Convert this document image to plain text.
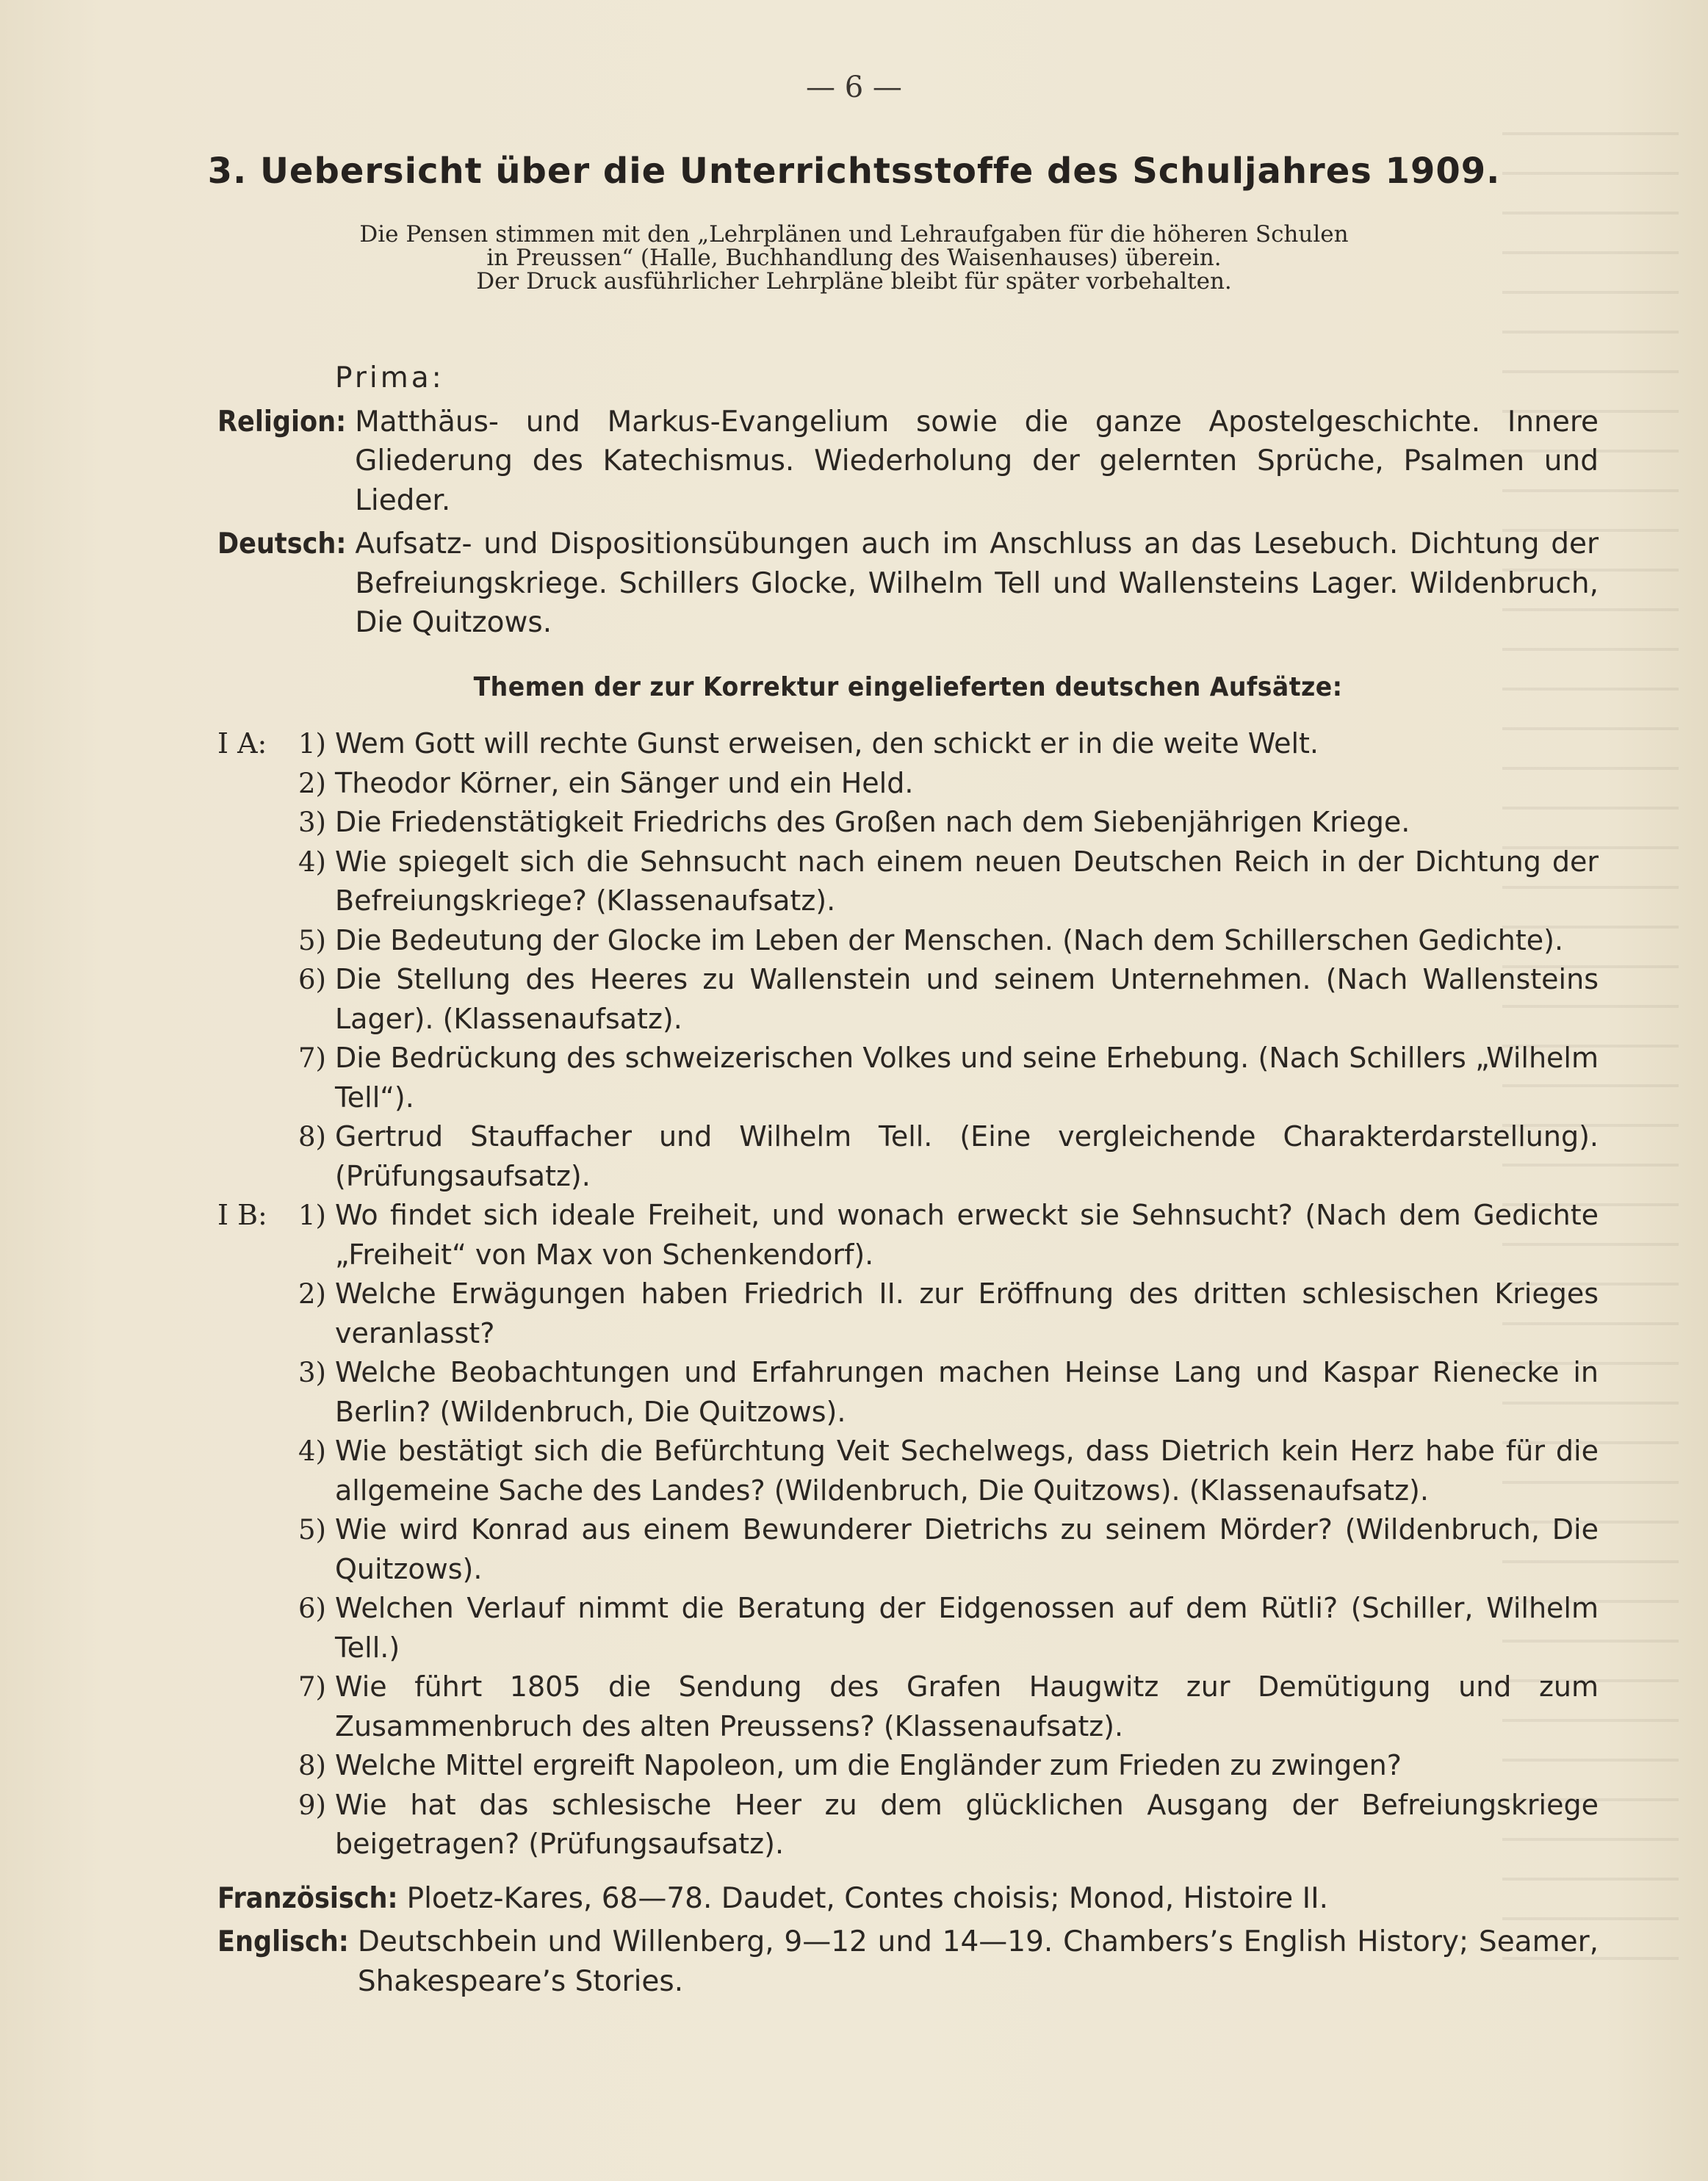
— 6 —
3. Uebersicht über die Unterrichtsstoffe des Schuljahres 1909.
Die Pensen stimmen mit den „Lehrplänen und Lehraufgaben für die höheren Schulen
in Preussen“ (Halle, Buchhandlung des Waisenhauses) überein.
Der Druck ausführlicher Lehrpläne bleibt für später vorbehalten.
Prima:
Religion: Matthäus- und Markus-Evangelium sowie die ganze Apostelgeschichte. Innere Gliederung des Katechismus. Wiederholung der gelernten Sprüche, Psalmen und Lieder.
Deutsch: Aufsatz- und Dispositionsübungen auch im Anschluss an das Lesebuch. Dichtung der Befreiungskriege. Schillers Glocke, Wilhelm Tell und Wallensteins Lager. Wildenbruch, Die Quitzows.
Themen der zur Korrektur eingelieferten deutschen Aufsätze:
I A:	1) Wem Gott will rechte Gunst erweisen, den schickt er in die weite Welt.
2) Theodor Körner, ein Sänger und ein Held.
3) Die Friedenstätigkeit Friedrichs des Großen nach dem Siebenjährigen Kriege.
4) Wie spiegelt sich die Sehnsucht nach einem neuen Deutschen Reich in der Dichtung der Befreiungskriege? (Klassenaufsatz).
5) Die Bedeutung der Glocke im Leben der Menschen. (Nach dem Schillerschen Gedichte).
6) Die Stellung des Heeres zu Wallenstein und seinem Unternehmen. (Nach Wallensteins Lager). (Klassenaufsatz).
7) Die Bedrückung des schweizerischen Volkes und seine Erhebung. (Nach Schillers „Wilhelm Tell“).
8) Gertrud Stauffacher und Wilhelm Tell. (Eine vergleichende Charakterdarstellung). (Prüfungsaufsatz).
I B:	1) Wo findet sich ideale Freiheit, und wonach erweckt sie Sehnsucht? (Nach dem Gedichte „Freiheit“ von Max von Schenkendorf).
2) Welche Erwägungen haben Friedrich II. zur Eröffnung des dritten schlesischen Krieges veranlasst?
3) Welche Beobachtungen und Erfahrungen machen Heinse Lang und Kaspar Rienecke in Berlin? (Wildenbruch, Die Quitzows).
4) Wie bestätigt sich die Befürchtung Veit Sechelwegs, dass Dietrich kein Herz habe für die allgemeine Sache des Landes? (Wildenbruch, Die Quitzows). (Klassenaufsatz).
5) Wie wird Konrad aus einem Bewunderer Dietrichs zu seinem Mörder? (Wildenbruch, Die Quitzows).
6) Welchen Verlauf nimmt die Beratung der Eidgenossen auf dem Rütli? (Schiller, Wilhelm Tell.)
7) Wie führt 1805 die Sendung des Grafen Haugwitz zur Demütigung und zum Zusammenbruch des alten Preussens? (Klassenaufsatz).
8) Welche Mittel ergreift Napoleon, um die Engländer zum Frieden zu zwingen?
9) Wie hat das schlesische Heer zu dem glücklichen Ausgang der Befreiungskriege beigetragen? (Prüfungsaufsatz).
Französisch: Ploetz-Kares, 68—78. Daudet, Contes choisis; Monod, Histoire II.
Englisch: Deutschbein und Willenberg, 9—12 und 14—19. Chambers’s English History; Seamer, Shakespeare’s Stories.
